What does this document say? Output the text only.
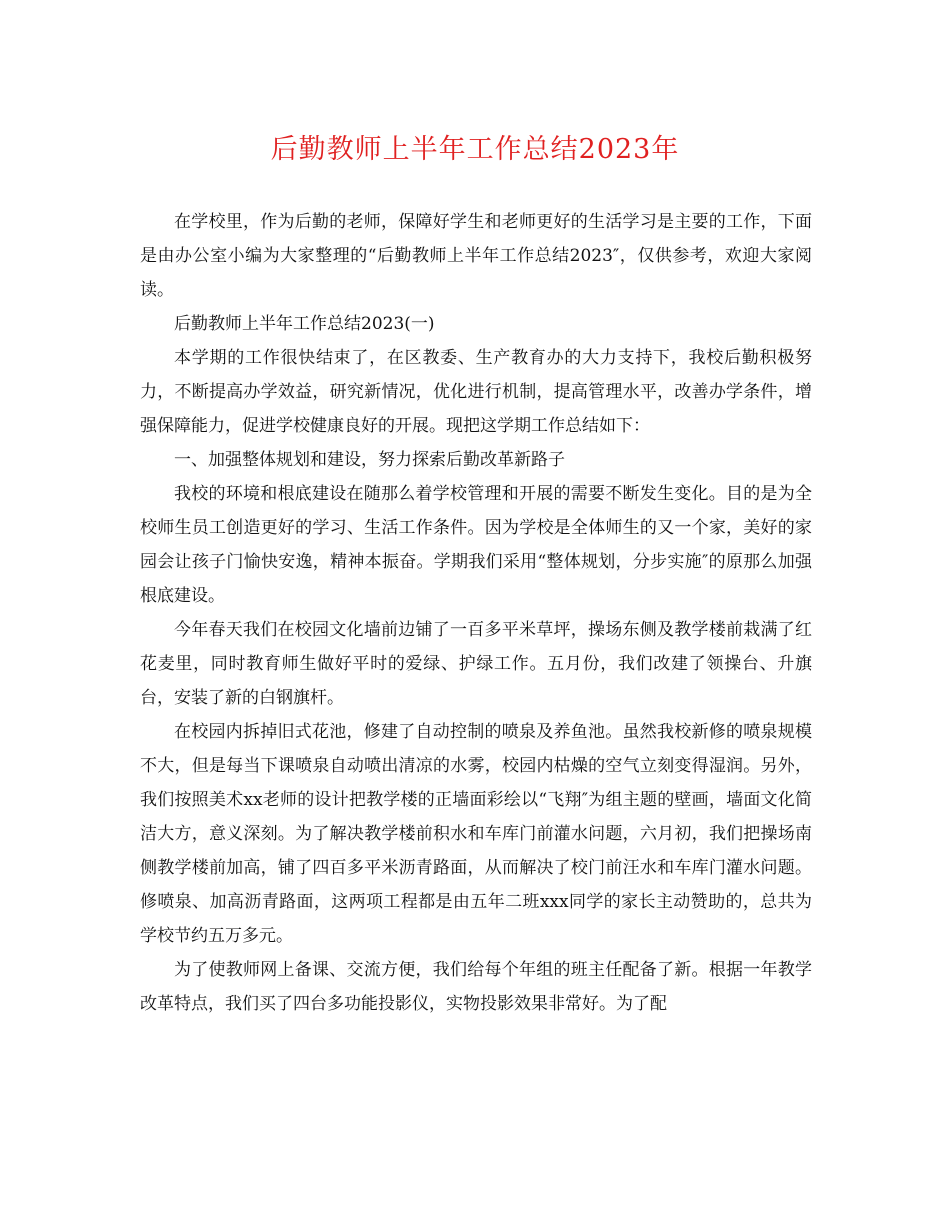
后勤教师上半年工作总结2023年

在学校里，作为后勤的老师，保障好学生和老师更好的生活学习是主要的工作，下面是由办公室小编为大家整理的“后勤教师上半年工作总结2023″，仅供参考，欢迎大家阅读。

后勤教师上半年工作总结2023(一)

本学期的工作很快结束了，在区教委、生产教育办的大力支持下，我校后勤积极努力，不断提高办学效益，研究新情况，优化进行机制，提高管理水平，改善办学条件，增强保障能力，促进学校健康良好的开展。现把这学期工作总结如下：

一、加强整体规划和建设，努力探索后勤改革新路子

我校的环境和根底建设在随那么着学校管理和开展的需要不断发生变化。目的是为全校师生员工创造更好的学习、生活工作条件。因为学校是全体师生的又一个家，美好的家园会让孩子门愉快安逸，精神本振奋。学期我们采用“整体规划，分步实施″的原那么加强根底建设。

今年春天我们在校园文化墙前边铺了一百多平米草坪，操场东侧及教学楼前栽满了红花麦里，同时教育师生做好平时的爱绿、护绿工作。五月份，我们改建了领操台、升旗台，安装了新的白钢旗杆。

在校园内拆掉旧式花池，修建了自动控制的喷泉及养鱼池。虽然我校新修的喷泉规模不大，但是每当下课喷泉自动喷出清凉的水雾，校园内枯燥的空气立刻变得湿润。另外，我们按照美术xx老师的设计把教学楼的正墙面彩绘以“飞翔″为组主题的壁画，墙面文化简洁大方，意义深刻。为了解决教学楼前积水和车库门前灌水问题，六月初，我们把操场南侧教学楼前加高，铺了四百多平米沥青路面，从而解决了校门前汪水和车库门灌水问题。修喷泉、加高沥青路面，这两项工程都是由五年二班xxx同学的家长主动赞助的，总共为学校节约五万多元。

为了使教师网上备课、交流方便，我们给每个年组的班主任配备了新。根据一年教学改革特点，我们买了四台多功能投影仪，实物投影效果非常好。为了配
